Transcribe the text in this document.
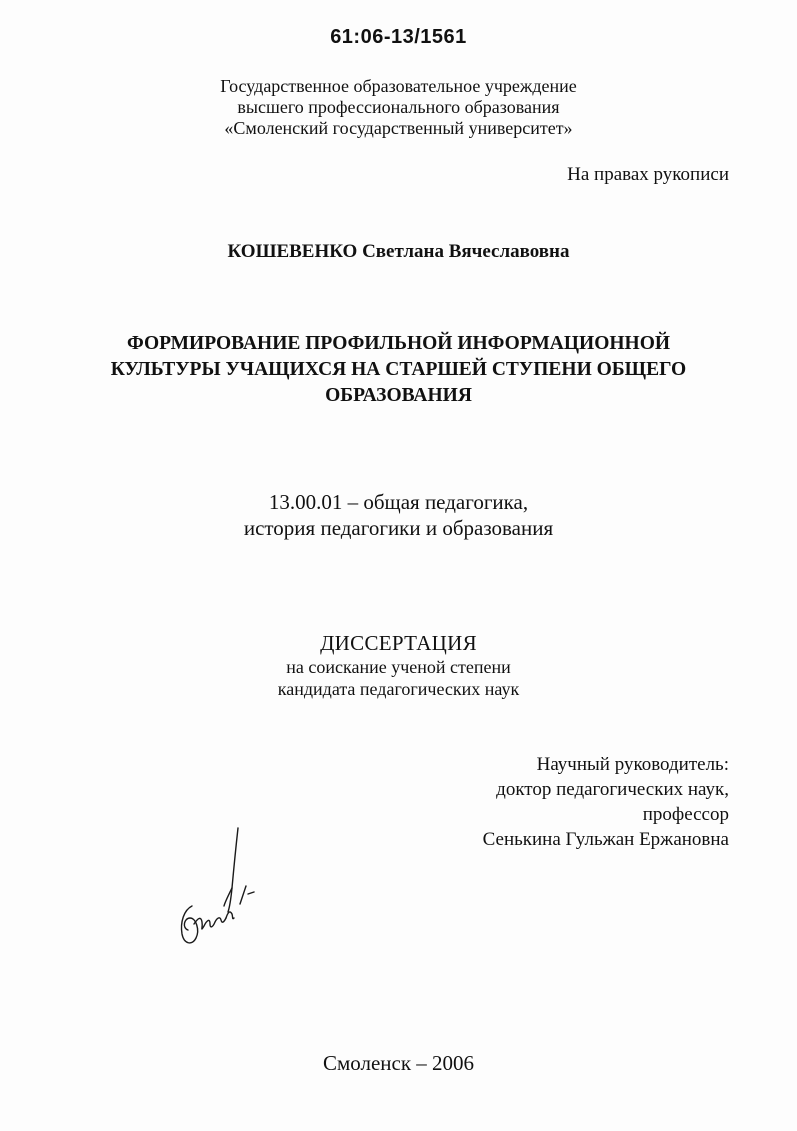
61:06-13/1561
Государственное образовательное учреждение
высшего профессионального образования
«Смоленский государственный университет»
На правах рукописи
КОШЕВЕНКО Светлана Вячеславовна
ФОРМИРОВАНИЕ ПРОФИЛЬНОЙ ИНФОРМАЦИОННОЙ
КУЛЬТУРЫ УЧАЩИХСЯ НА СТАРШЕЙ СТУПЕНИ ОБЩЕГО
ОБРАЗОВАНИЯ
13.00.01 – общая педагогика,
история педагогики и образования
ДИССЕРТАЦИЯ
на соискание ученой степени
кандидата педагогических наук
Научный руководитель:
доктор педагогических наук,
профессор
Сенькина Гульжан Ержановна
Смоленск – 2006
